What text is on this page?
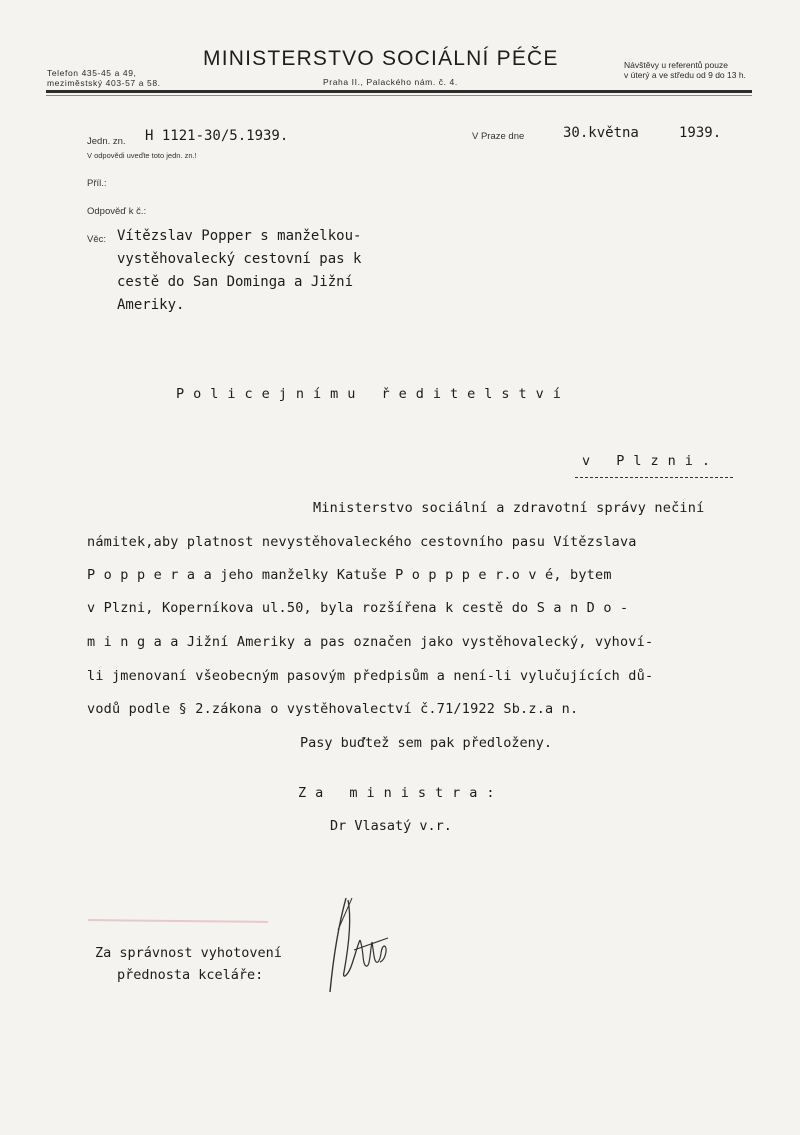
Telefon 435-45 a 49,
meziměstský 403-57 a 58.
MINISTERSTVO SOCIÁLNÍ PÉČE
Praha II., Palackého nám. č. 4.
Návštěvy u referentů pouze
v úterý a ve středu od 9 do 13 h.
Jedn. zn. H 1121-30/5.1939.
V odpovědi uveďte toto jedn. zn.!
V Praze dne	30.května	1939.
Příl.:
Odpověď k č.:
Věc: Vítězslav Popper s manželkou-
vystěhovalecký cestovní pas k
cestě do San Dominga a Jižní
Ameriky.
Policejnímu ředitelství
v Plzni.
Ministerstvo sociální a zdravotní správy nečiní
námitek,aby platnost nevystěhovaleckého cestovního pasu Vítězslava
P o p p e r a a jeho manželky Katuše P o p p p e r.o v é, bytem
v Plzni, Koperníkova ul.50, byla rozšířena k cestě do S a n D o -
m i n g a a Jižní Ameriky a pas označen jako vystěhovalecký, vyhoví-
li jmenovaní všeobecným pasovým předpisům a není-li vylučujících dů-
vodů podle § 2.zákona o vystěhovalectví č.71/1922 Sb.z.a n.
Pasy buďtež sem pak předloženy.
Za ministra:
Dr Vlasatý v.r.
Za správnost vyhotovení
přednosta kceláře:
